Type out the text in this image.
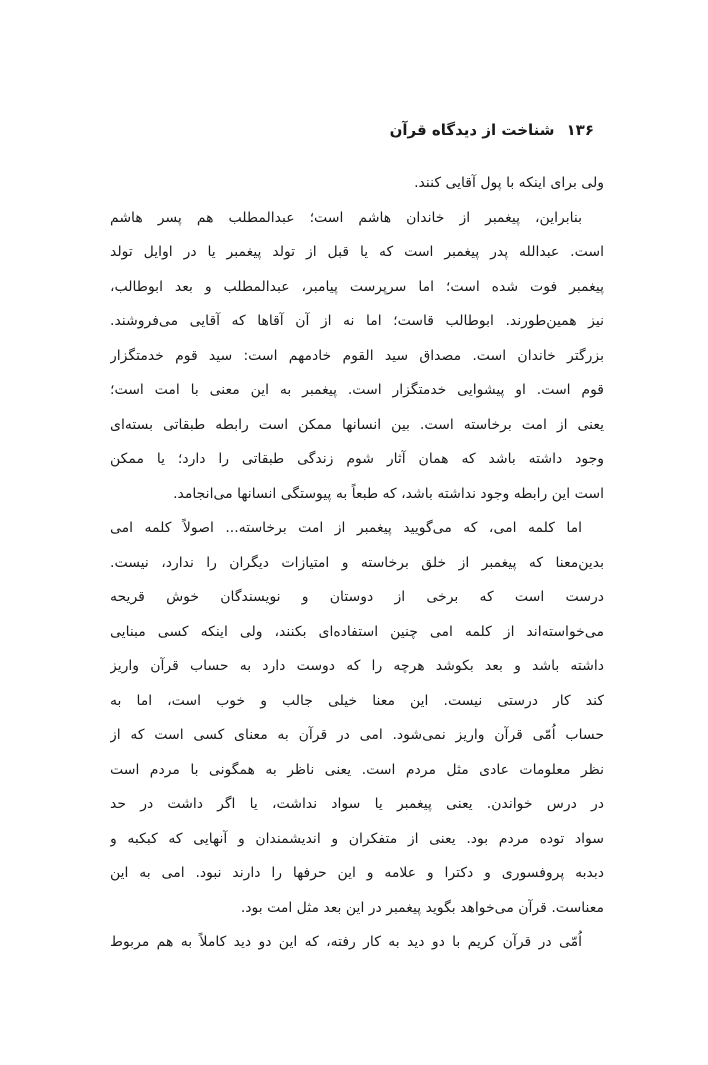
۱۳۶شناخت از دیدگاه قرآن
ولی برای اینکه با پول آقایی کنند.
بنابراین، پیغمبر از خاندان هاشم است؛ عبدالمطلب هم پسر هاشم
است. عبدالله پدر پیغمبر است که یا قبل از تولد پیغمبر یا در اوایل تولد
پیغمبر فوت شده است؛ اما سرپرست پیامبر، عبدالمطلب و بعد ابوطالب،
نیز همین‌طورند. ابوطالب قاست؛ اما نه از آن آقاها که آقایی می‌فروشند.
بزرگتر خاندان است. مصداق سید القوم خادمهم است: سید قوم خدمتگزار
قوم است. او پیشوایی خدمتگزار است. پیغمبر به این معنی با امت است؛
یعنی از امت برخاسته است. بین انسانها ممکن است رابطه طبقاتی بسته‌ای
وجود داشته باشد که همان آثار شوم زندگی طبقاتی را دارد؛ یا ممکن
است این رابطه وجود نداشته باشد، که طبعاً به پیوستگی انسانها می‌انجامد.
اما کلمه امی، که می‌گویید پیغمبر از امت برخاسته... اصولاً کلمه امی
بدین‌معنا که پیغمبر از خلق برخاسته و امتیازات دیگران را ندارد، نیست.
درست است که برخی از دوستان و نویسندگان خوش قریحه
می‌خواسته‌اند از کلمه امی چنین استفاده‌ای بکنند، ولی اینکه کسی مبنایی
داشته باشد و بعد بکوشد هرچه را که دوست دارد به حساب قرآن واریز
کند کار درستی نیست. این معنا خیلی جالب و خوب است، اما به
حساب اُمّی قرآن واریز نمی‌شود. امی در قرآن به معنای کسی است که از
نظر معلومات عادی مثل مردم است. یعنی ناظر به همگونی با مردم است
در درس خواندن. یعنی پیغمبر یا سواد نداشت، یا اگر داشت در حد
سواد توده مردم بود. یعنی از متفکران و اندیشمندان و آنهایی که کبکبه و
دبدبه پروفسوری و دکترا و علامه و این حرفها را دارند نبود. امی به این
معناست. قرآن می‌خواهد بگوید پیغمبر در این بعد مثل امت بود.
اُمّی در قرآن کریم با دو دید به کار رفته، که این دو دید کاملاً به هم مربوط
